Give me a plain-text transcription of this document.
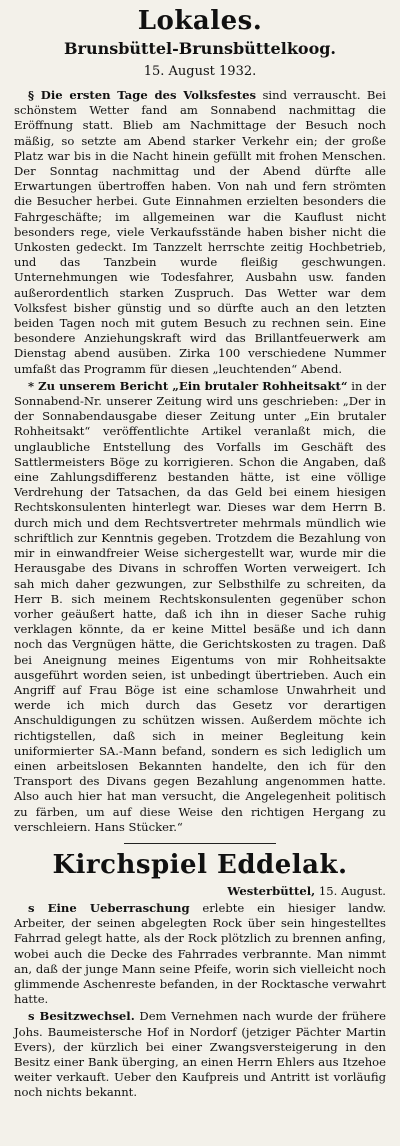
Lokales.
Brunsbüttel-Brunsbüttelkoog.
15. August 1932.

§ Die ersten Tage des Volksfestes sind verrauscht. Bei schönstem Wetter fand am Sonnabend nachmittag die Eröffnung statt. Blieb am Nachmittage der Besuch noch mäßig, so setzte am Abend starker Verkehr ein; der große Platz war bis in die Nacht hinein gefüllt mit frohen Menschen. Der Sonntag nachmittag und der Abend dürfte alle Erwartungen übertroffen haben. Von nah und fern strömten die Besucher herbei. Gute Einnahmen erzielten besonders die Fahrgeschäfte; im allgemeinen war die Kauflust nicht besonders rege, viele Verkaufsstände haben bisher nicht die Unkosten gedeckt. Im Tanzzelt herrschte zeitig Hochbetrieb, und das Tanzbein wurde fleißig geschwungen. Unternehmungen wie Todesfahrer, Ausbahn usw. fanden außerordentlich starken Zuspruch. Das Wetter war dem Volksfest bisher günstig und so dürfte auch an den letzten beiden Tagen noch mit gutem Besuch zu rechnen sein. Eine besondere Anziehungskraft wird das Brillantfeuerwerk am Dienstag abend ausüben. Zirka 100 verschiedene Nummer umfaßt das Programm für diesen „leuchtenden“ Abend.

* Zu unserem Bericht „Ein brutaler Rohheitsakt“ in der Sonnabend-Nr. unserer Zeitung wird uns geschrieben: „Der in der Sonnabendausgabe dieser Zeitung unter „Ein brutaler Rohheitsakt“ veröffentlichte Artikel veranlaßt mich, die unglaubliche Entstellung des Vorfalls im Geschäft des Sattlermeisters Böge zu korrigieren. Schon die Angaben, daß eine Zahlungsdifferenz bestanden hätte, ist eine völlige Verdrehung der Tatsachen, da das Geld bei einem hiesigen Rechtskonsulenten hinterlegt war. Dieses war dem Herrn B. durch mich und dem Rechtsvertreter mehrmals mündlich wie schriftlich zur Kenntnis gegeben. Trotzdem die Bezahlung von mir in einwandfreier Weise sichergestellt war, wurde mir die Herausgabe des Divans in schroffen Worten verweigert. Ich sah mich daher gezwungen, zur Selbsthilfe zu schreiten, da Herr B. sich meinem Rechtskonsulenten gegenüber schon vorher geäußert hatte, daß ich ihn in dieser Sache ruhig verklagen könnte, da er keine Mittel besäße und ich dann noch das Vergnügen hätte, die Gerichtskosten zu tragen. Daß bei Aneignung meines Eigentums von mir Rohheitsakte ausgeführt worden seien, ist unbedingt übertrieben. Auch ein Angriff auf Frau Böge ist eine schamlose Unwahrheit und werde ich mich durch das Gesetz vor derartigen Anschuldigungen zu schützen wissen. Außerdem möchte ich richtigstellen, daß sich in meiner Begleitung kein uniformierter SA.-Mann befand, sondern es sich lediglich um einen arbeitslosen Bekannten handelte, den ich für den Transport des Divans gegen Bezahlung angenommen hatte. Also auch hier hat man versucht, die Angelegenheit politisch zu färben, um auf diese Weise den richtigen Hergang zu verschleiern. Hans Stücker.“

Kirchspiel Eddelak.
Westerbüttel, 15. August.

s Eine Ueberraschung erlebte ein hiesiger landw. Arbeiter, der seinen abgelegten Rock über sein hingestelltes Fahrrad gelegt hatte, als der Rock plötzlich zu brennen anfing, wobei auch die Decke des Fahrrades verbrannte. Man nimmt an, daß der junge Mann seine Pfeife, worin sich vielleicht noch glimmende Aschenreste befanden, in der Rocktasche verwahrt hatte.

s Besitzwechsel. Dem Vernehmen nach wurde der frühere Johs. Baumeistersche Hof in Nordorf (jetziger Pächter Martin Evers), der kürzlich bei einer Zwangsversteigerung in den Besitz einer Bank überging, an einen Herrn Ehlers aus Itzehoe weiter verkauft. Ueber den Kaufpreis und Antritt ist vorläufig noch nichts bekannt.
